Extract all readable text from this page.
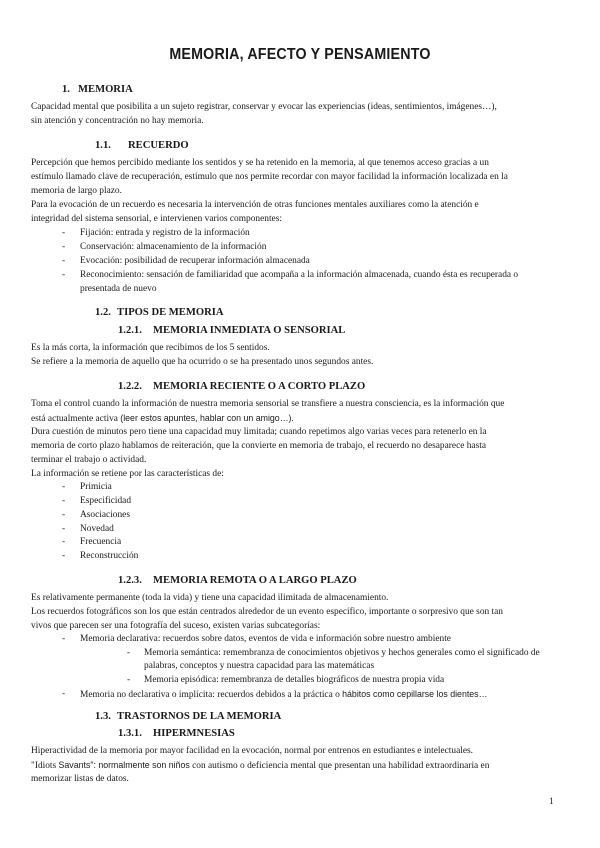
MEMORIA, AFECTO Y PENSAMIENTO
1. MEMORIA
Capacidad mental que posibilita a un sujeto registrar, conservar y evocar las experiencias (ideas, sentimientos, imágenes…),
sin atención y concentración no hay memoria.
1.1. RECUERDO
Percepción que hemos percibido mediante los sentidos y se ha retenido en la memoria, al que tenemos acceso gracias a un
estímulo llamado clave de recuperación, estímulo que nos permite recordar con mayor facilidad la información localizada en la
memoria de largo plazo.
Para la evocación de un recuerdo es necesaria la intervención de otras funciones mentales auxiliares como la atención e
integridad del sistema sensorial, e intervienen varios componentes:
- Fijación: entrada y registro de la información
- Conservación: almacenamiento de la información
- Evocación: posibilidad de recuperar información almacenada
- Reconocimiento: sensación de familiaridad que acompaña a la información almacenada, cuando ésta es recuperada o
presentada de nuevo
1.2. TIPOS DE MEMORIA
1.2.1. MEMORIA INMEDIATA O SENSORIAL
Es la más corta, la información que recibimos de los 5 sentidos.
Se refiere a la memoria de aquello que ha ocurrido o se ha presentado unos segundos antes.
1.2.2. MEMORIA RECIENTE O A CORTO PLAZO
Toma el control cuando la información de nuestra memoria sensorial se transfiere a nuestra consciencia, es la información que
está actualmente activa (leer estos apuntes, hablar con un amigo…).
Dura cuestión de minutos pero tiene una capacidad muy limitada; cuando repetimos algo varias veces para retenerlo en la
memoria de corto plazo hablamos de reiteración, que la convierte en memoria de trabajo, el recuerdo no desaparece hasta
terminar el trabajo o actividad.
La información se retiene por las características de:
- Primicia
- Especificidad
- Asociaciones
- Novedad
- Frecuencia
- Reconstrucción
1.2.3. MEMORIA REMOTA O A LARGO PLAZO
Es relativamente permanente (toda la vida) y tiene una capacidad ilimitada de almacenamiento.
Los recuerdos fotográficos son los que están centrados alrededor de un evento específico, importante o sorpresivo que son tan
vivos que parecen ser una fotografía del suceso, existen varias subcategorías:
- Memoria declarativa: recuerdos sobre datos, eventos de vida e información sobre nuestro ambiente
- Memoria semántica: remembranza de conocimientos objetivos y hechos generales como el significado de
palabras, conceptos y nuestra capacidad para las matemáticas
- Memoria episódica: remembranza de detalles biográficos de nuestra propia vida
- Memoria no declarativa o implícita: recuerdos debidos a la práctica o hábitos como cepillarse los dientes…
1.3. TRASTORNOS DE LA MEMORIA
1.3.1. HIPERMNESIAS
Hiperactividad de la memoria por mayor facilidad en la evocación, normal por entrenos en estudiantes e intelectuales.
"Idiots Savants": normalmente son niños con autismo o deficiencia mental que presentan una habilidad extraordinaria en
memorizar listas de datos.
1
